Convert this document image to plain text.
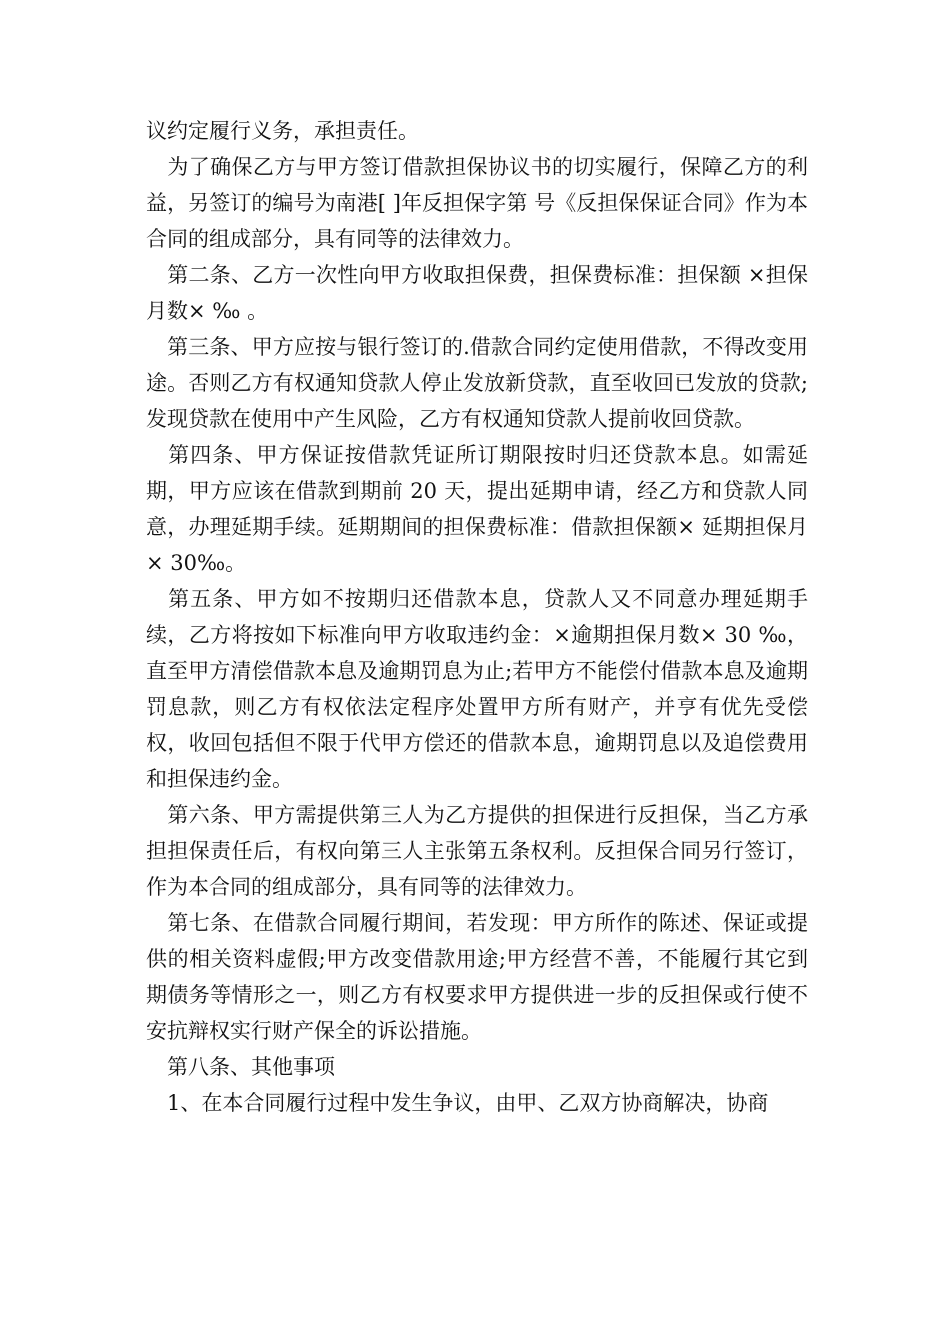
议约定履行义务，承担责任。

　为了确保乙方与甲方签订借款担保协议书的切实履行，保障乙方的利益，另签订的编号为南港[ ]年反担保字第 号《反担保保证合同》作为本合同的组成部分，具有同等的法律效力。

　第二条、乙方一次性向甲方收取担保费，担保费标准：担保额 ×担保月数× ‰ 。

　第三条、甲方应按与银行签订的.借款合同约定使用借款，不得改变用途。否则乙方有权通知贷款人停止发放新贷款，直至收回已发放的贷款;发现贷款在使用中产生风险，乙方有权通知贷款人提前收回贷款。

　第四条、甲方保证按借款凭证所订期限按时归还贷款本息。如需延期，甲方应该在借款到期前 20 天，提出延期申请，经乙方和贷款人同意，办理延期手续。延期期间的担保费标准：借款担保额× 延期担保月× 30‰。

　第五条、甲方如不按期归还借款本息，贷款人又不同意办理延期手续，乙方将按如下标准向甲方收取违约金：×逾期担保月数× 30 ‰，直至甲方清偿借款本息及逾期罚息为止;若甲方不能偿付借款本息及逾期罚息款，则乙方有权依法定程序处置甲方所有财产，并亨有优先受偿权，收回包括但不限于代甲方偿还的借款本息，逾期罚息以及追偿费用和担保违约金。

　第六条、甲方需提供第三人为乙方提供的担保进行反担保，当乙方承担担保责任后，有权向第三人主张第五条权利。反担保合同另行签订，作为本合同的组成部分，具有同等的法律效力。

　第七条、在借款合同履行期间，若发现：甲方所作的陈述、保证或提供的相关资料虚假;甲方改变借款用途;甲方经营不善，不能履行其它到期债务等情形之一，则乙方有权要求甲方提供进一步的反担保或行使不安抗辩权实行财产保全的诉讼措施。

　第八条、其他事项

　1、在本合同履行过程中发生争议，由甲、乙双方协商解决，协商
